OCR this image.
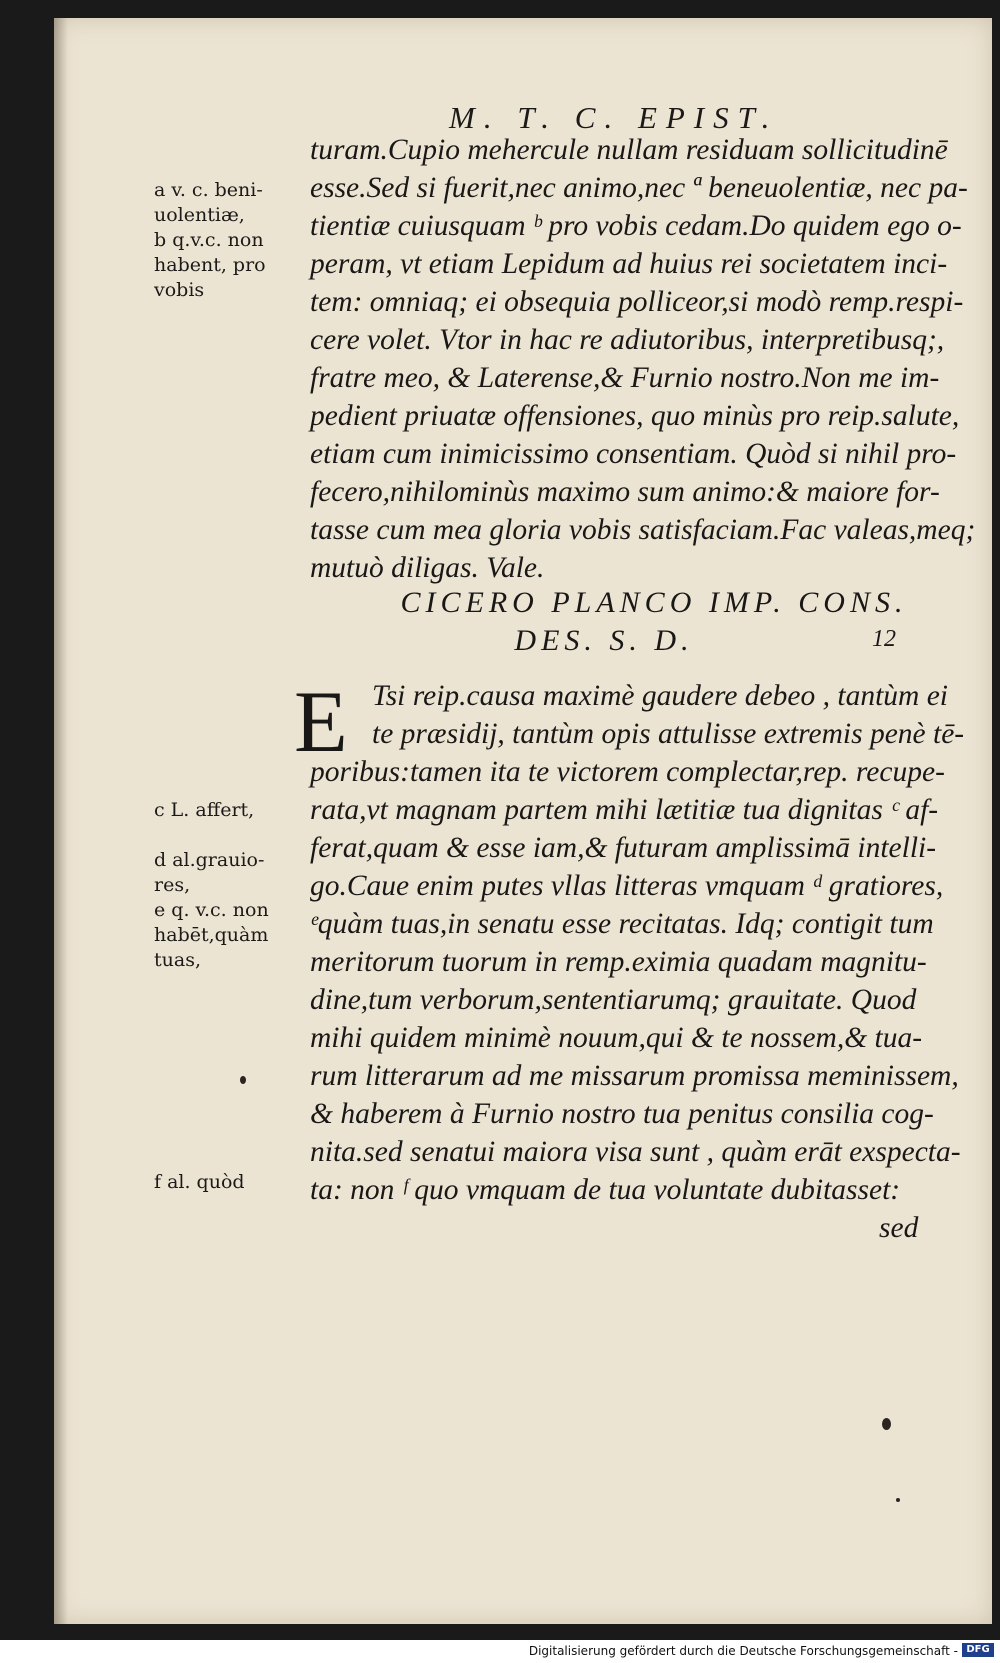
M. T. C. EPIST.
turam.Cupio mehercule nullam residuam sollicitudinē
esse.Sed si fuerit,nec animo,nec ª beneuolentiæ, nec pa-
tientiæ cuiusquam ᵇ pro vobis cedam.Do quidem ego o-
peram, vt etiam Lepidum ad huius rei societatem inci-
tem: omniaq; ei obsequia polliceor,si modò remp.respi-
cere volet. Vtor in hac re adiutoribus, interpretibusq;,
fratre meo, & Laterense,& Furnio nostro.Non me im-
pedient priuatæ offensiones, quo minùs pro reip.salute,
etiam cum inimicissimo consentiam. Quòd si nihil pro-
fecero,nihilominùs maximo sum animo:& maiore for-
tasse cum mea gloria vobis satisfaciam.Fac valeas,meq;
mutuò diligas. Vale.
CICERO PLANCO IMP. CONS.
DES. S. D.	12
E Tsi reip.causa maximè gaudere debeo , tantùm ei
te præsidij, tantùm opis attulisse extremis penè tē-
poribus:tamen ita te victorem complectar,rep. recupe-
rata,vt magnam partem mihi lætitiæ tua dignitas ᶜ af-
ferat,quam & esse iam,& futuram amplissimā intelli-
go.Caue enim putes vllas litteras vmquam ᵈ gratiores,
ᵉquàm tuas,in senatu esse recitatas. Idq; contigit tum
meritorum tuorum in remp.eximia quadam magnitu-
dine,tum verborum,sententiarumq; grauitate. Quod
mihi quidem minimè nouum,qui & te nossem,& tua-
rum litterarum ad me missarum promissa meminissem,
& haberem à Furnio nostro tua penitus consilia cog-
nita.sed senatui maiora visa sunt , quàm erāt exspecta-
ta: non ᶠ quo vmquam de tua voluntate dubitasset:
sed
a v. c. beni-
uolentiæ,
b q.v.c. non
habent, pro
vobis
c L. affert,
d al.grauio-
res,
e q. v.c. non
habēt,quàm
tuas,
f al. quòd
Digitalisierung gefördert durch die Deutsche Forschungsgemeinschaft - DFG
